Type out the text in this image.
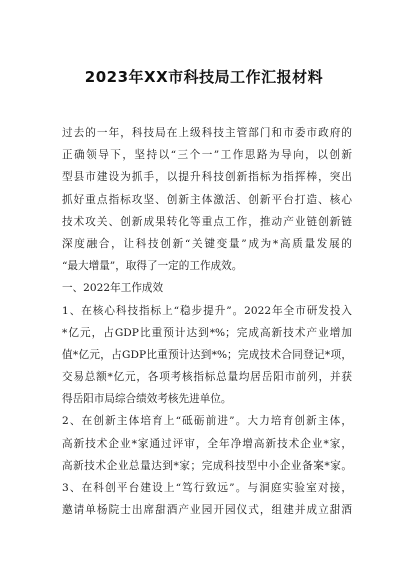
2023年XX市科技局工作汇报材料
过去的一年，科技局在上级科技主管部门和市委市政府的
正确领导下，坚持以“三个一”工作思路为导向，以创新
型县市建设为抓手，以提升科技创新指标为指挥棒，突出
抓好重点指标攻坚、创新主体激活、创新平台打造、核心
技术攻关、创新成果转化等重点工作，推动产业链创新链
深度融合，让科技创新“关键变量”成为*高质量发展的
“最大增量”，取得了一定的工作成效。
一、2022年工作成效
1、在核心科技指标上“稳步提升”。2022年全市研发投入
*亿元，占GDP比重预计达到*%；完成高新技术产业增加
值*亿元，占GDP比重预计达到*%；完成技术合同登记*项，
交易总额*亿元，各项考核指标总量均居岳阳市前列，并获
得岳阳市局综合绩效考核先进单位。
2、在创新主体培育上“砥砺前进”。大力培育创新主体，
高新技术企业*家通过评审，全年净增高新技术企业*家，
高新技术企业总量达到*家；完成科技型中小企业备案*家。
3、在科创平台建设上“笃行致远”。与洞庭实验室对接，
邀请单杨院士出席甜酒产业园开园仪式，组建并成立甜酒
